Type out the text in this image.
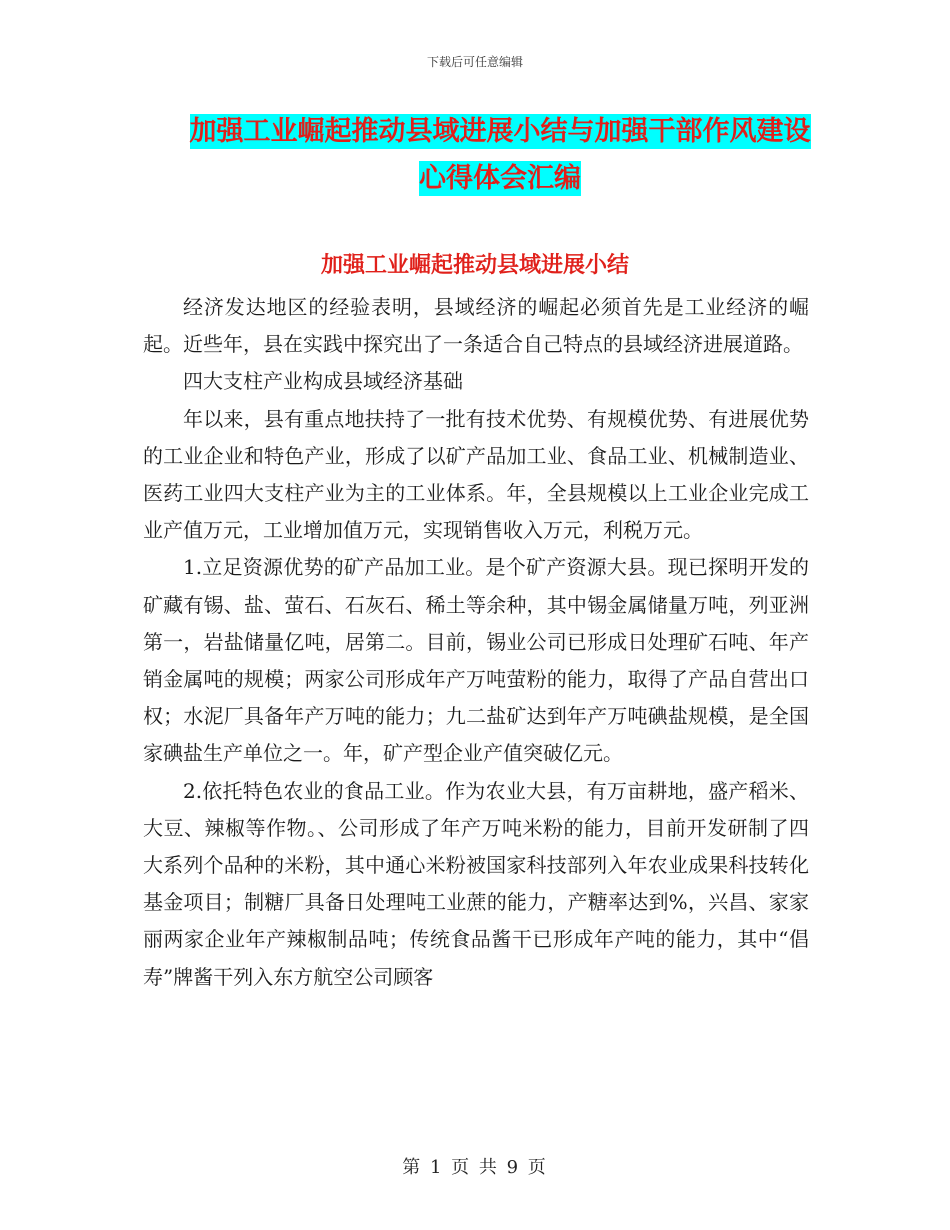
下载后可任意编辑
加强工业崛起推动县域进展小结与加强干部作风建设
心得体会汇编
加强工业崛起推动县域进展小结

经济发达地区的经验表明，县域经济的崛起必须首先是工业经济的崛起。近些年，县在实践中探究出了一条适合自己特点的县域经济进展道路。

四大支柱产业构成县域经济基础

年以来，县有重点地扶持了一批有技术优势、有规模优势、有进展优势的工业企业和特色产业，形成了以矿产品加工业、食品工业、机械制造业、医药工业四大支柱产业为主的工业体系。年，全县规模以上工业企业完成工业产值万元，工业增加值万元，实现销售收入万元，利税万元。

1.立足资源优势的矿产品加工业。是个矿产资源大县。现已探明开发的矿藏有锡、盐、萤石、石灰石、稀土等余种，其中锡金属储量万吨，列亚洲第一，岩盐储量亿吨，居第二。目前，锡业公司已形成日处理矿石吨、年产销金属吨的规模；两家公司形成年产万吨萤粉的能力，取得了产品自营出口权；水泥厂具备年产万吨的能力；九二盐矿达到年产万吨碘盐规模，是全国家碘盐生产单位之一。年，矿产型企业产值突破亿元。

2.依托特色农业的食品工业。作为农业大县，有万亩耕地，盛产稻米、大豆、辣椒等作物。、公司形成了年产万吨米粉的能力，目前开发研制了四大系列个品种的米粉，其中通心米粉被国家科技部列入年农业成果科技转化基金项目；制糖厂具备日处理吨工业蔗的能力，产糖率达到%，兴昌、家家丽两家企业年产辣椒制品吨；传统食品酱干已形成年产吨的能力，其中“倡寿”牌酱干列入东方航空公司顾客

第 1 页 共 9 页
